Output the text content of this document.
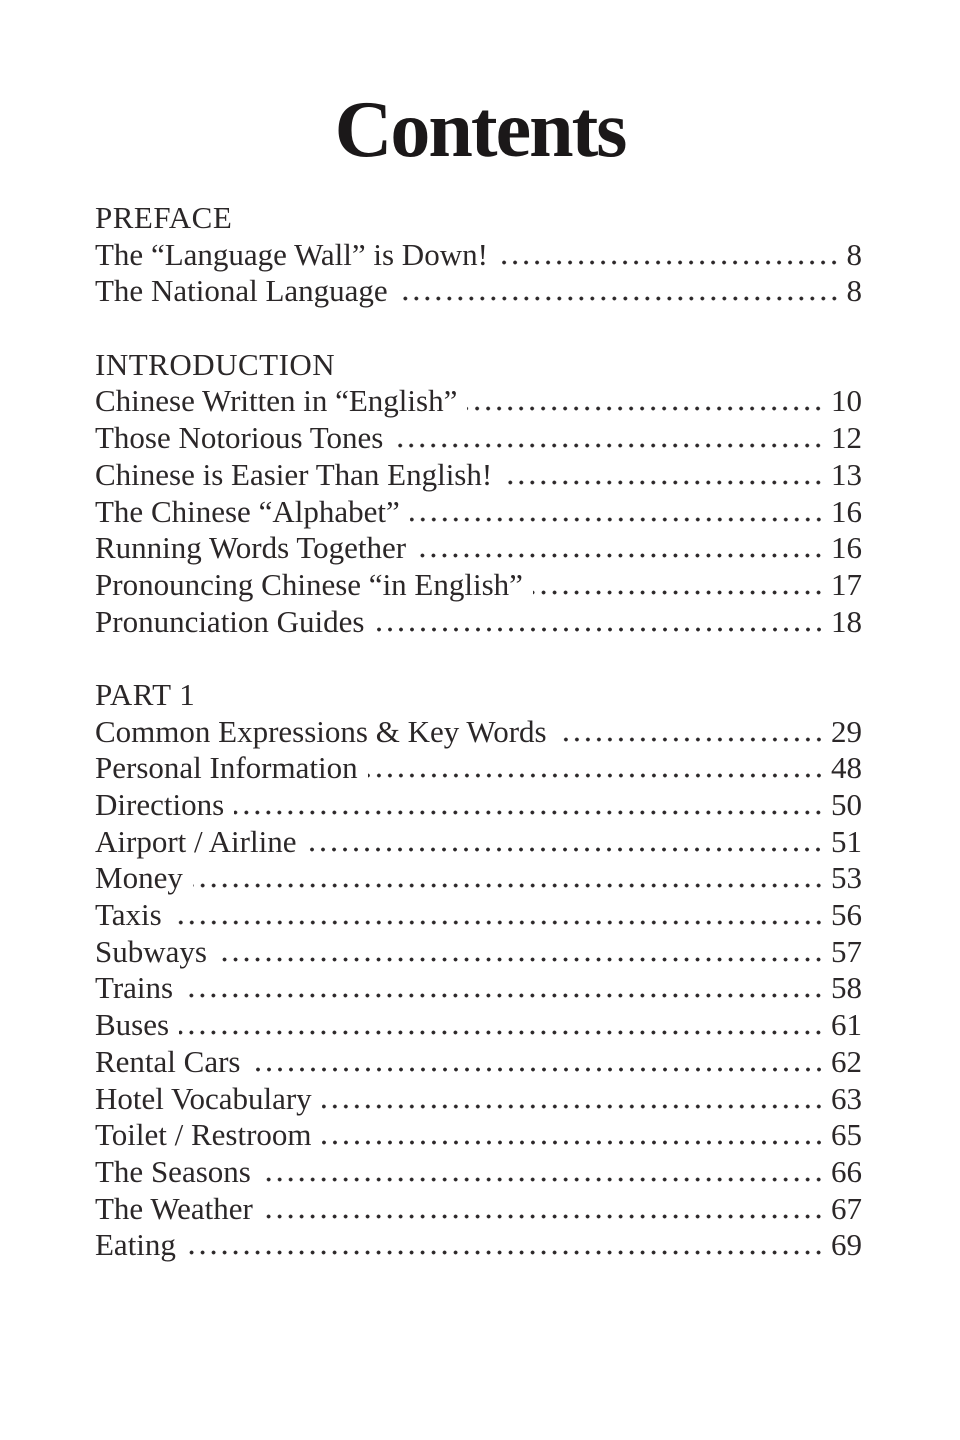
Contents
PREFACE
The “Language Wall” is Down!	8
The National Language	8
INTRODUCTION
Chinese Written in “English”	10
Those Notorious Tones	12
Chinese is Easier Than English!	13
The Chinese “Alphabet”	16
Running Words Together	16
Pronouncing Chinese “in English”	17
Pronunciation Guides	18
PART 1
Common Expressions & Key Words	29
Personal Information	48
Directions	50
Airport / Airline	51
Money	53
Taxis	56
Subways	57
Trains	58
Buses	61
Rental Cars	62
Hotel Vocabulary	63
Toilet / Restroom	65
The Seasons	66
The Weather	67
Eating	69
